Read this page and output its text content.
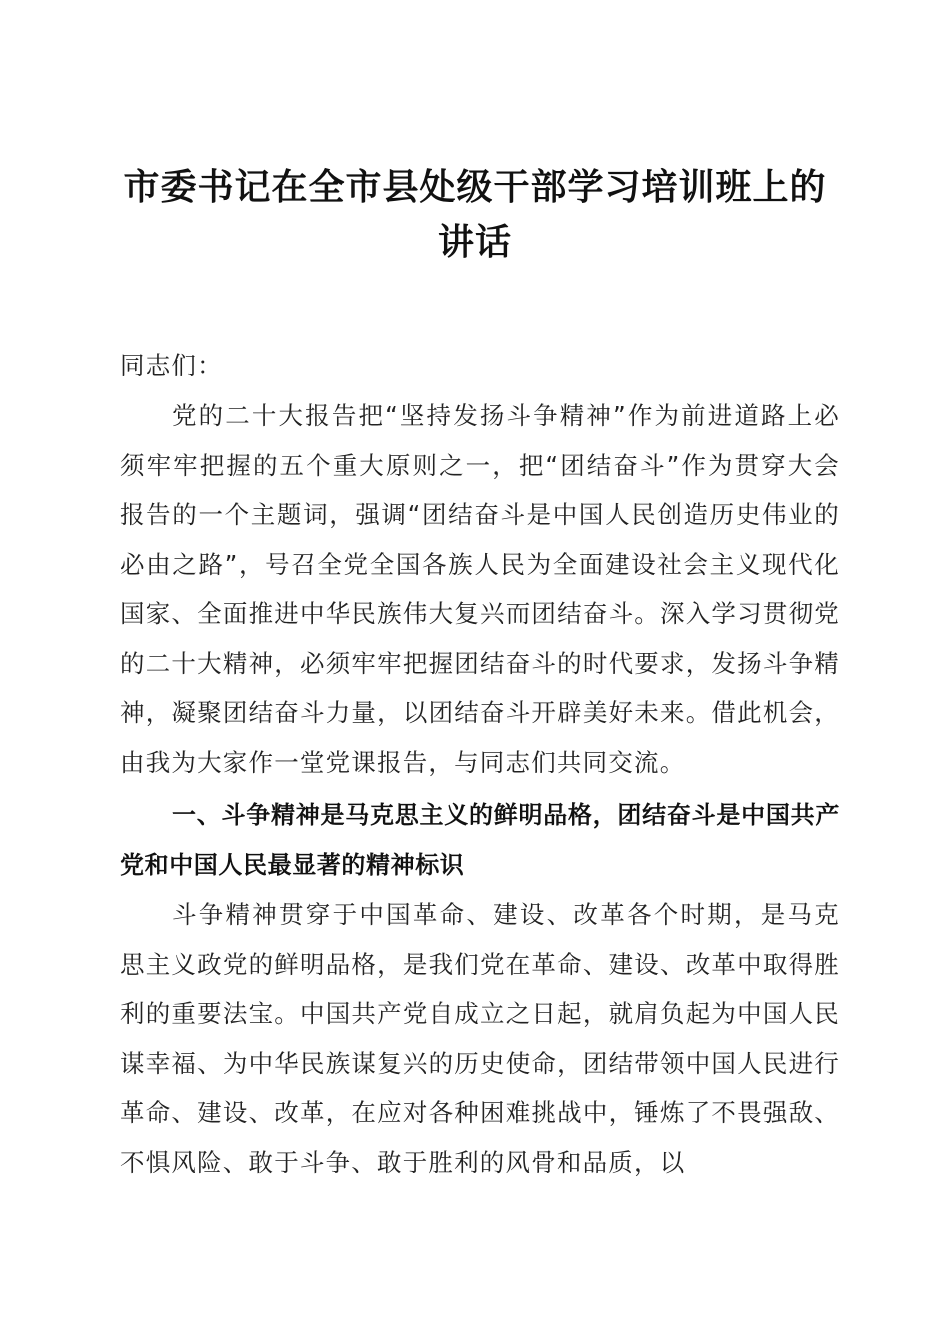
市委书记在全市县处级干部学习培训班上的讲话
同志们：
党的二十大报告把“坚持发扬斗争精神”作为前进道路上必须牢牢把握的五个重大原则之一，把“团结奋斗”作为贯穿大会报告的一个主题词，强调“团结奋斗是中国人民创造历史伟业的必由之路”，号召全党全国各族人民为全面建设社会主义现代化国家、全面推进中华民族伟大复兴而团结奋斗。深入学习贯彻党的二十大精神，必须牢牢把握团结奋斗的时代要求，发扬斗争精神，凝聚团结奋斗力量，以团结奋斗开辟美好未来。借此机会，由我为大家作一堂党课报告，与同志们共同交流。
一、斗争精神是马克思主义的鲜明品格，团结奋斗是中国共产党和中国人民最显著的精神标识
斗争精神贯穿于中国革命、建设、改革各个时期，是马克思主义政党的鲜明品格，是我们党在革命、建设、改革中取得胜利的重要法宝。中国共产党自成立之日起，就肩负起为中国人民谋幸福、为中华民族谋复兴的历史使命，团结带领中国人民进行革命、建设、改革，在应对各种困难挑战中，锤炼了不畏强敌、不惧风险、敢于斗争、敢于胜利的风骨和品质，以
